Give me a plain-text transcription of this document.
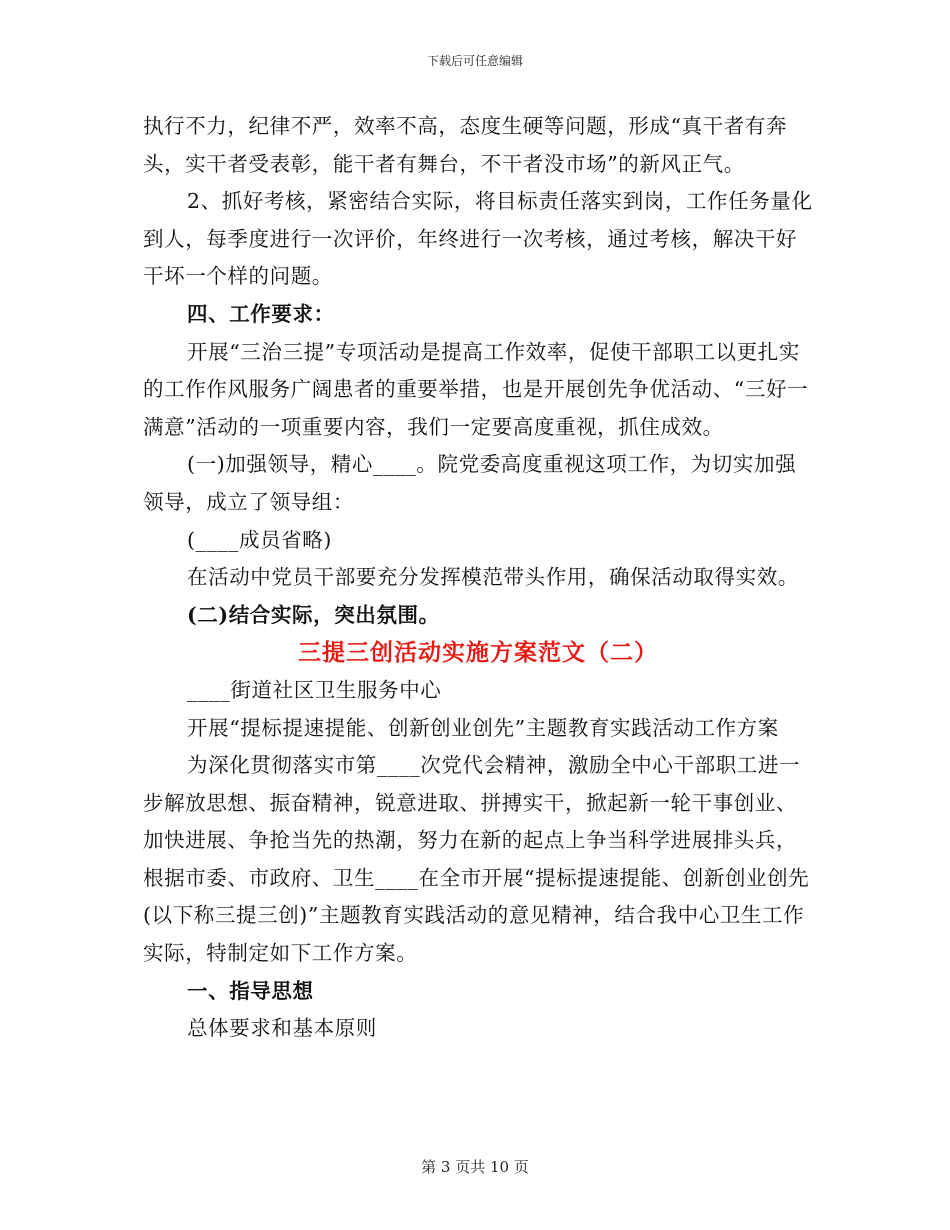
下载后可任意编辑

执行不力，纪律不严，效率不高，态度生硬等问题，形成“真干者有奔头，实干者受表彰，能干者有舞台，不干者没市场”的新风正气。

2、抓好考核，紧密结合实际，将目标责任落实到岗，工作任务量化到人，每季度进行一次评价，年终进行一次考核，通过考核，解决干好干坏一个样的问题。

四、工作要求：

开展“三治三提”专项活动是提高工作效率，促使干部职工以更扎实的工作作风服务广阔患者的重要举措，也是开展创先争优活动、“三好一满意”活动的一项重要内容，我们一定要高度重视，抓住成效。

(一)加强领导，精心____。院党委高度重视这项工作，为切实加强领导，成立了领导组：

(____成员省略)

在活动中党员干部要充分发挥模范带头作用，确保活动取得实效。

(二)结合实际，突出氛围。

三提三创活动实施方案范文（二）

____街道社区卫生服务中心

开展“提标提速提能、创新创业创先”主题教育实践活动工作方案

为深化贯彻落实市第____次党代会精神，激励全中心干部职工进一步解放思想、振奋精神，锐意进取、拼搏实干，掀起新一轮干事创业、加快进展、争抢当先的热潮，努力在新的起点上争当科学进展排头兵，根据市委、市政府、卫生____在全市开展“提标提速提能、创新创业创先(以下称三提三创)”主题教育实践活动的意见精神，结合我中心卫生工作实际，特制定如下工作方案。

一、指导思想

总体要求和基本原则

第 3 页共 10 页
